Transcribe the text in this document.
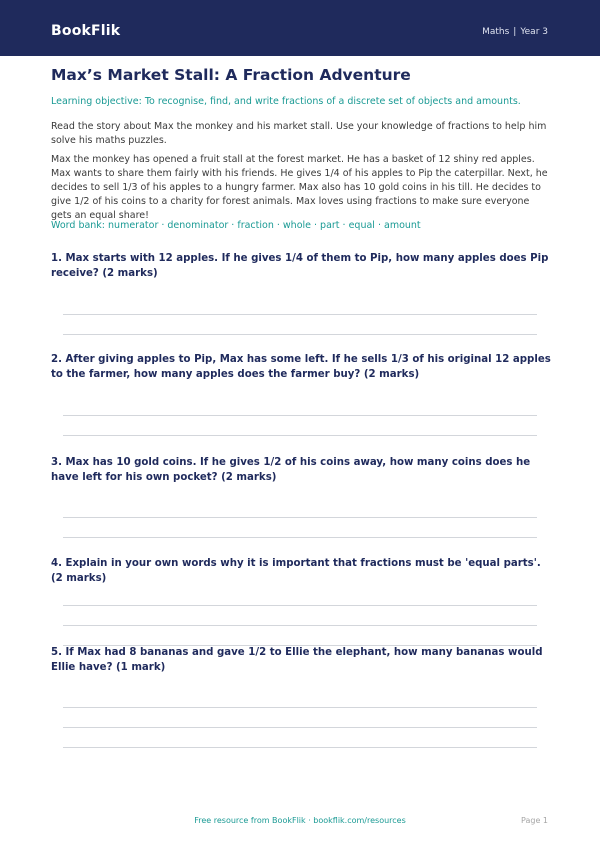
BookFlik	Maths | Year 3
Max’s Market Stall: A Fraction Adventure
Learning objective: To recognise, find, and write fractions of a discrete set of objects and amounts.
Read the story about Max the monkey and his market stall. Use your knowledge of fractions to help him solve his maths puzzles.
Max the monkey has opened a fruit stall at the forest market. He has a basket of 12 shiny red apples. Max wants to share them fairly with his friends. He gives 1/4 of his apples to Pip the caterpillar. Next, he decides to sell 1/3 of his apples to a hungry farmer. Max also has 10 gold coins in his till. He decides to give 1/2 of his coins to a charity for forest animals. Max loves using fractions to make sure everyone gets an equal share!
Word bank: numerator · denominator · fraction · whole · part · equal · amount
1. Max starts with 12 apples. If he gives 1/4 of them to Pip, how many apples does Pip receive? (2 marks)
2. After giving apples to Pip, Max has some left. If he sells 1/3 of his original 12 apples to the farmer, how many apples does the farmer buy? (2 marks)
3. Max has 10 gold coins. If he gives 1/2 of his coins away, how many coins does he have left for his own pocket? (2 marks)
4. Explain in your own words why it is important that fractions must be 'equal parts'. (2 marks)
5. If Max had 8 bananas and gave 1/2 to Ellie the elephant, how many bananas would Ellie have? (1 mark)
Free resource from BookFlik · bookflik.com/resources	Page 1
